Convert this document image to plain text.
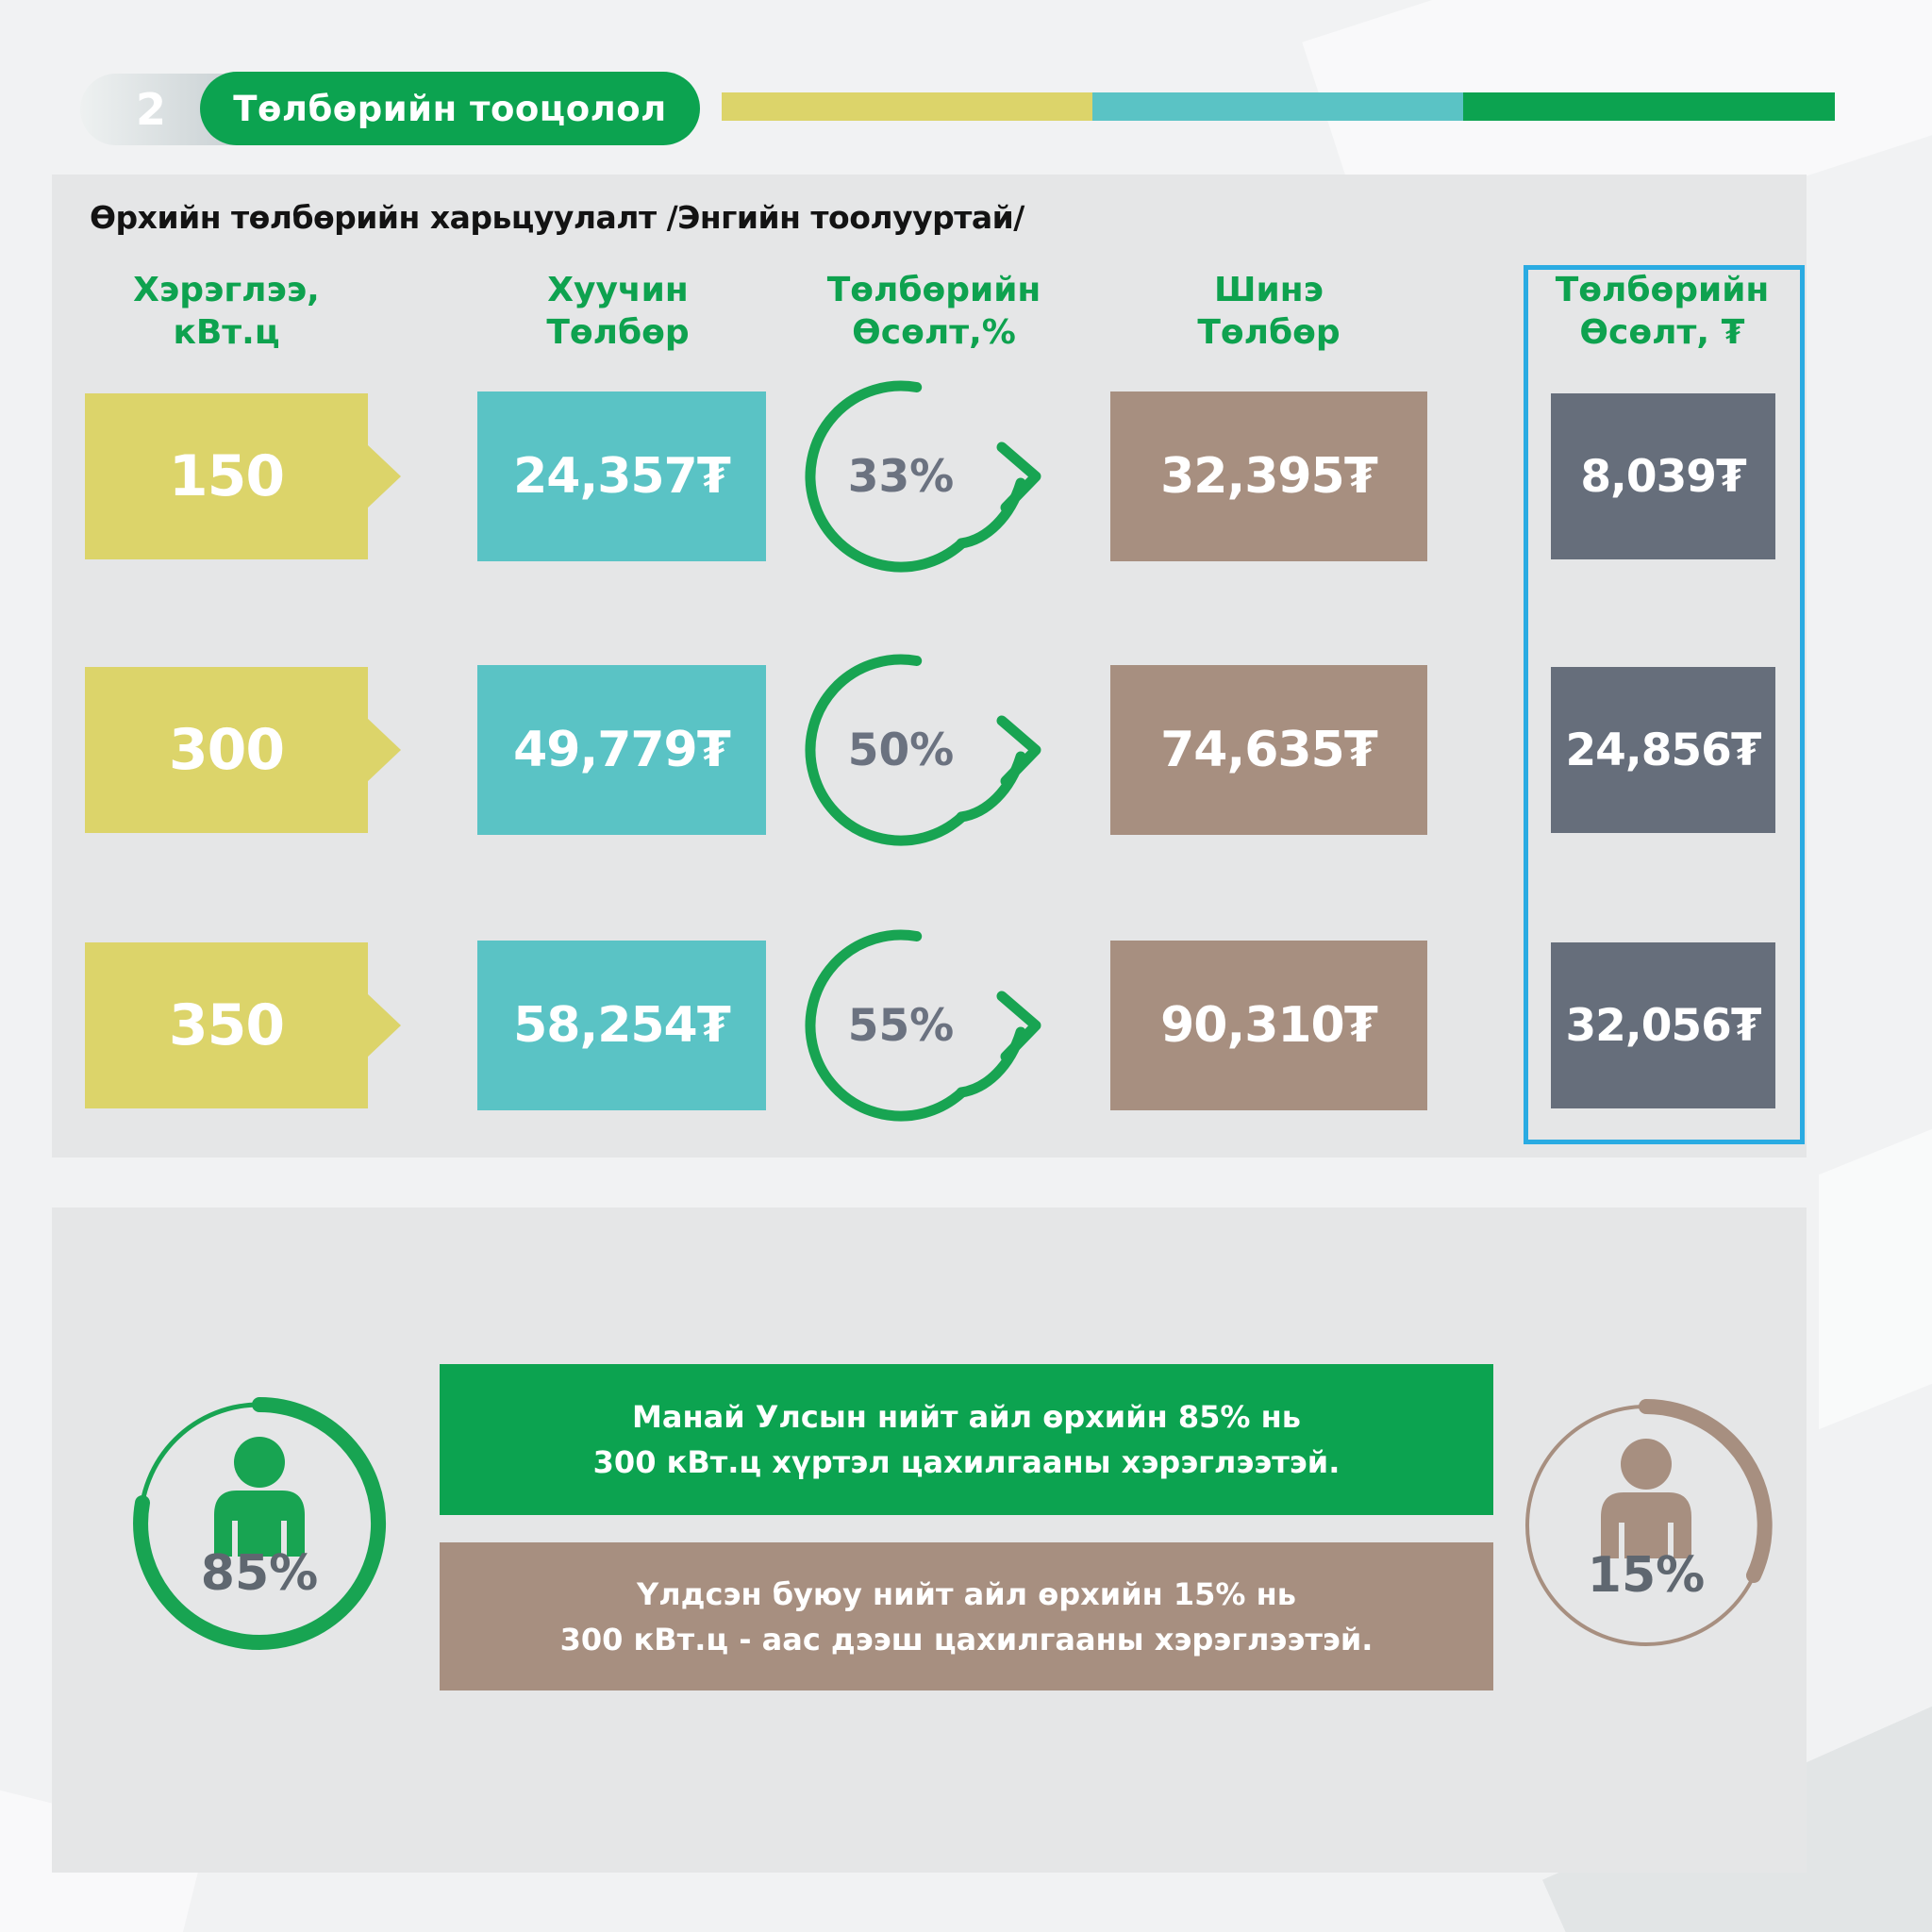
2	Төлбөрийн тооцолол
Өрхийн төлбөрийн харьцуулалт /Энгийн тоолууртай/
Хэрэглээ,
кВт.ц
Хуучин
Төлбөр
Төлбөрийн
Өсөлт,%
Шинэ
Төлбөр
Төлбөрийн
Өсөлт, ₮
150	24,357₮	33%	32,395₮	8,039₮
300	49,779₮	50%	74,635₮	24,856₮
350	58,254₮	55%	90,310₮	32,056₮
85%
Манай Улсын нийт айл өрхийн 85% нь
300 кВт.ц хүртэл цахилгааны хэрэглээтэй.
Үлдсэн буюу нийт айл өрхийн 15% нь
300 кВт.ц - аас дээш цахилгааны хэрэглээтэй.
15%
